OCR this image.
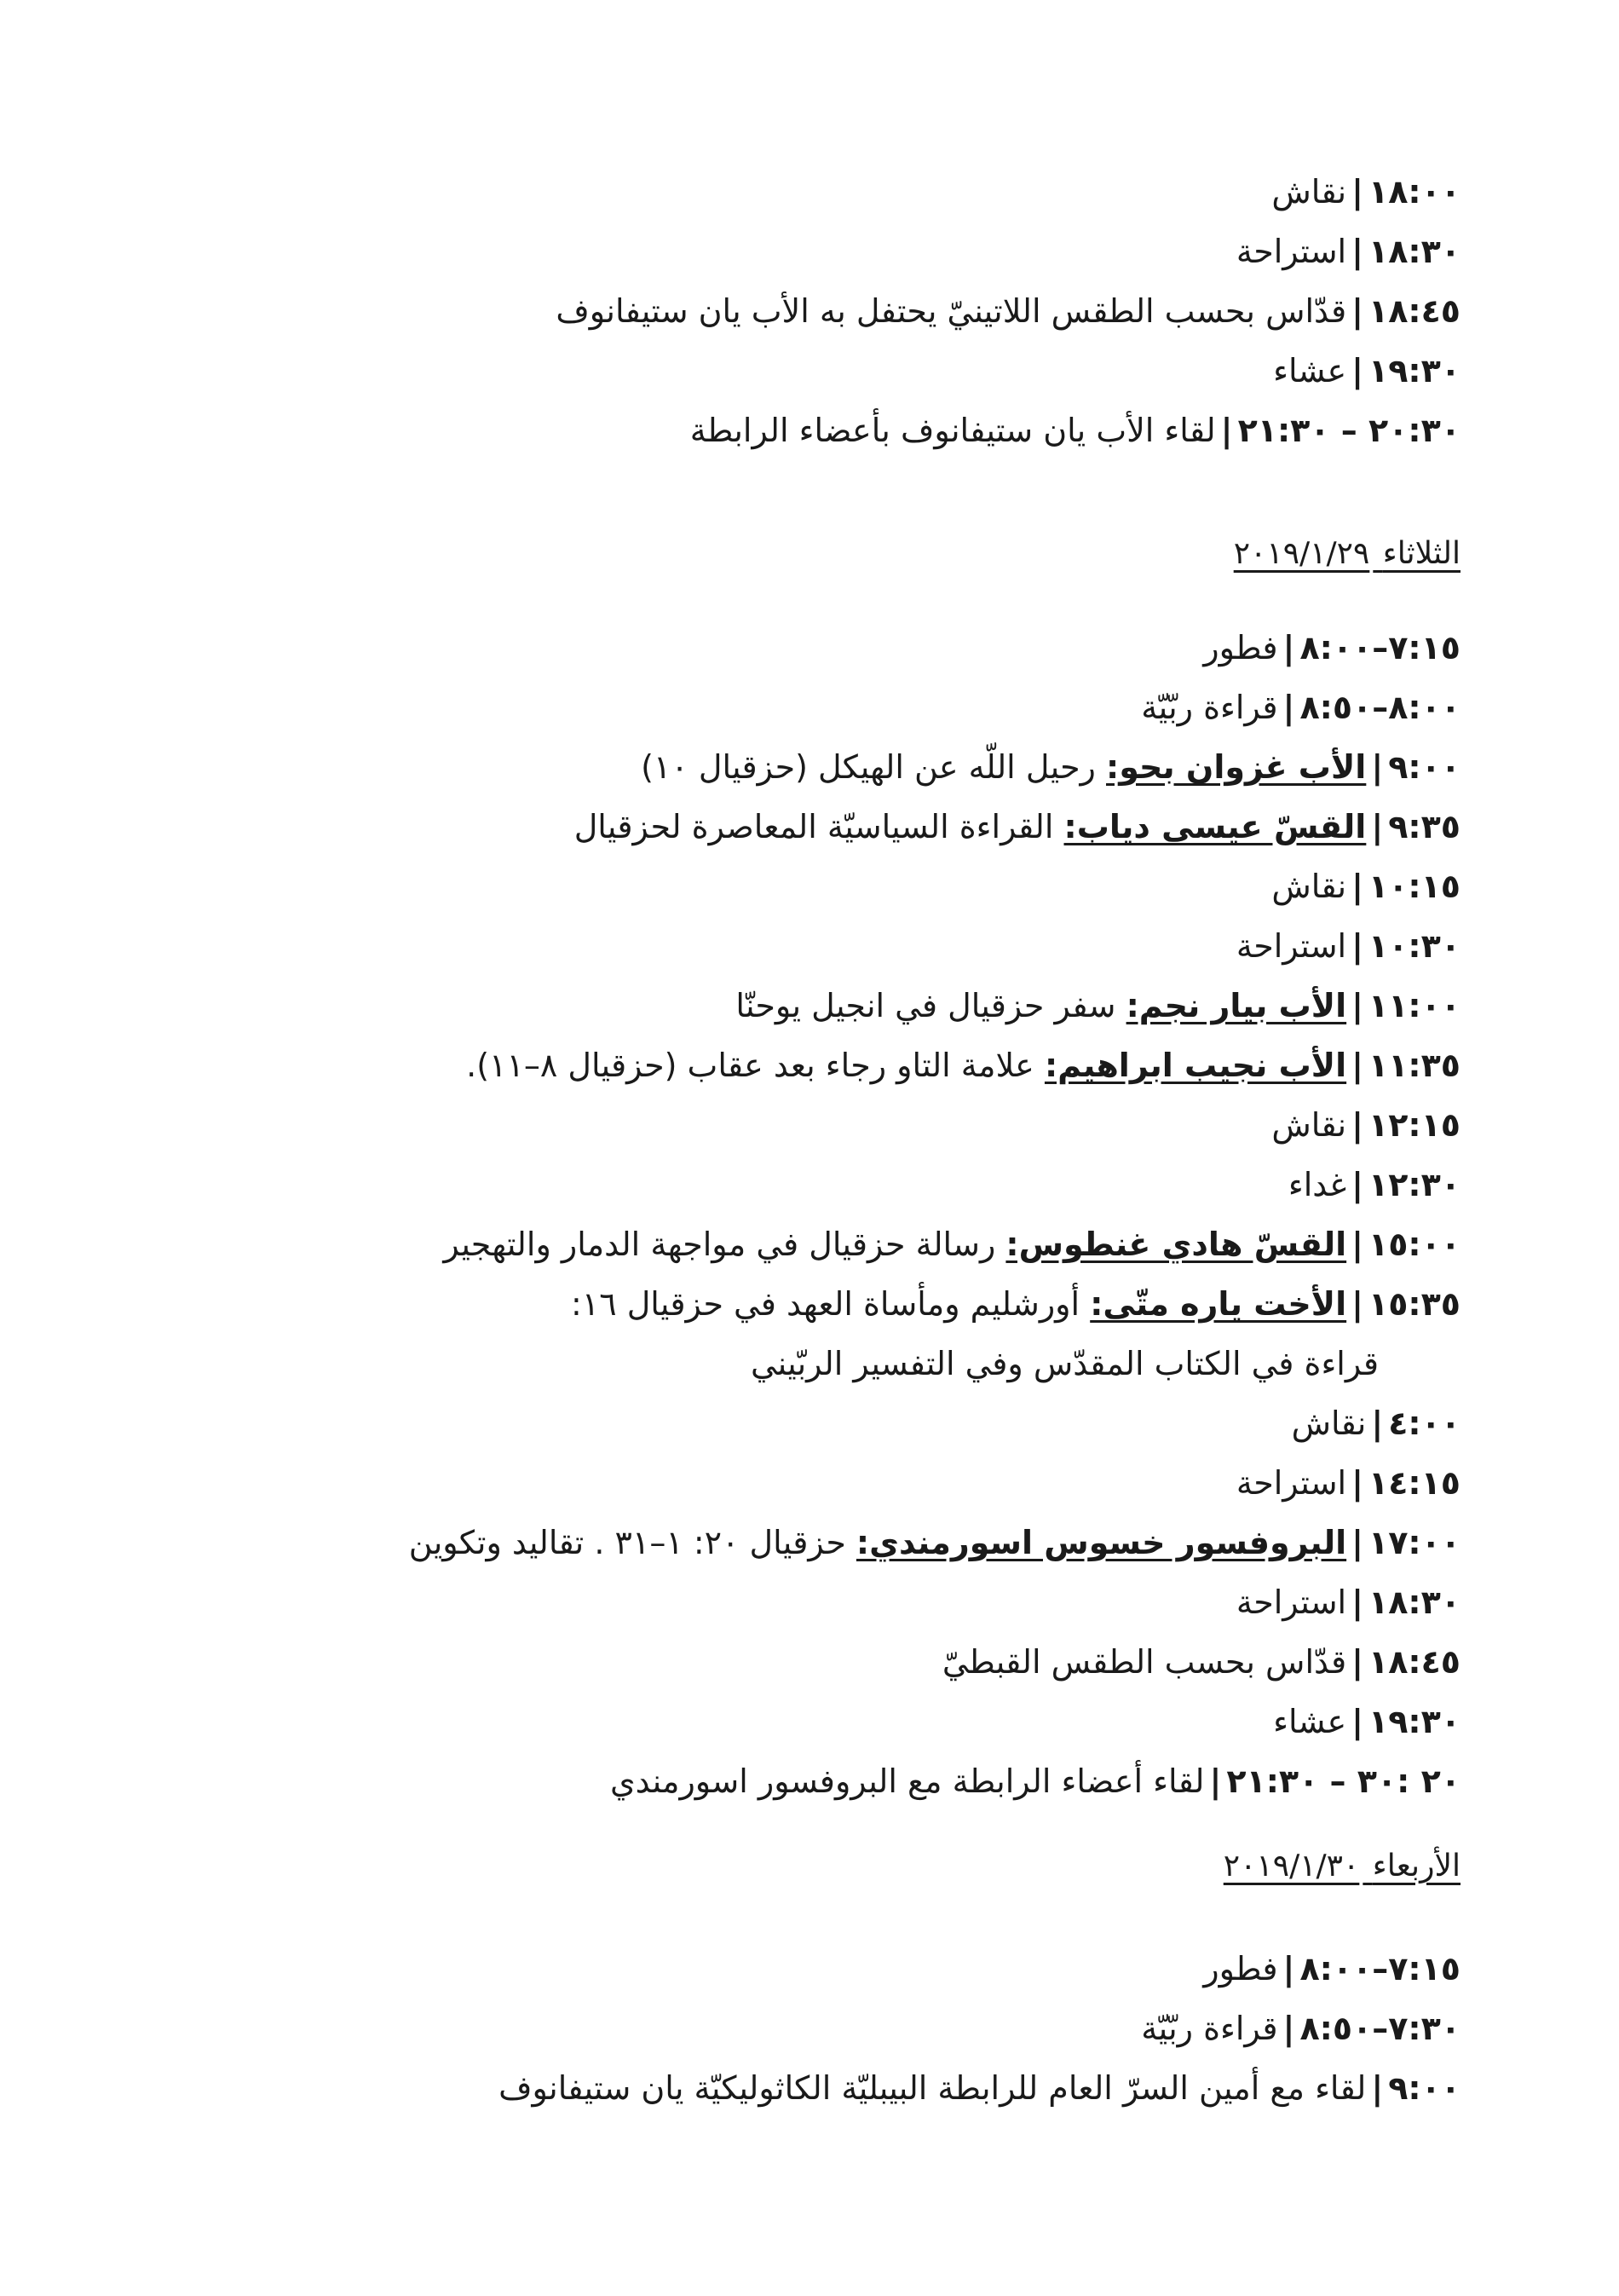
١٨:٠٠|نقاش
١٨:٣٠|استراحة
١٨:٤٥|قدّاس بحسب الطقس اللاتينيّ يحتفل به الأب يان ستيفانوف
١٩:٣٠|عشاء
٢٠:٣٠ – ٢١:٣٠|لقاء الأب يان ستيفانوف بأعضاء الرابطة
الثلاثاء ٢٠١٩/١/٢٩
٧:١٥–٨:٠٠|فطور
٨:٠٠–٨:٥٠|قراءة ربّيّة
٩:٠٠|الأب غزوان بحو: رحيل اللّه عن الهيكل (حزقيال ١٠)
٩:٣٥|القسّ عيسى دياب: القراءة السياسيّة المعاصرة لحزقيال
١٠:١٥|نقاش
١٠:٣٠|استراحة
١١:٠٠|الأب بيار نجم: سفر حزقيال في انجيل يوحنّا
١١:٣٥|الأب نجيب ابراهيم: علامة التاو رجاء بعد عقاب (حزقيال ٨–١١).
١٢:١٥|نقاش
١٢:٣٠|غداء
١٥:٠٠|القسّ هادي غنطوس: رسالة حزقيال في مواجهة الدمار والتهجير
١٥:٣٥|الأخت ياره متّى: أورشليم ومأساة العهد في حزقيال ١٦:
قراءة في الكتاب المقدّس وفي التفسير الربّيني
٤:٠٠|نقاش
١٤:١٥|استراحة
١٧:٠٠|البروفسور خسوس اسورمندي: حزقيال ٢٠: ١–٣١ . تقاليد وتكوين
١٨:٣٠|استراحة
١٨:٤٥|قدّاس بحسب الطقس القبطيّ
١٩:٣٠|عشاء
٢٠ :٣٠ – ٢١:٣٠|لقاء أعضاء الرابطة مع البروفسور اسورمندي
الأربعاء ٢٠١٩/١/٣٠
٧:١٥–٨:٠٠|فطور
٧:٣٠–٨:٥٠|قراءة ربّيّة
٩:٠٠|لقاء مع أمين السرّ العام للرابطة البيبليّة الكاثوليكيّة يان ستيفانوف
